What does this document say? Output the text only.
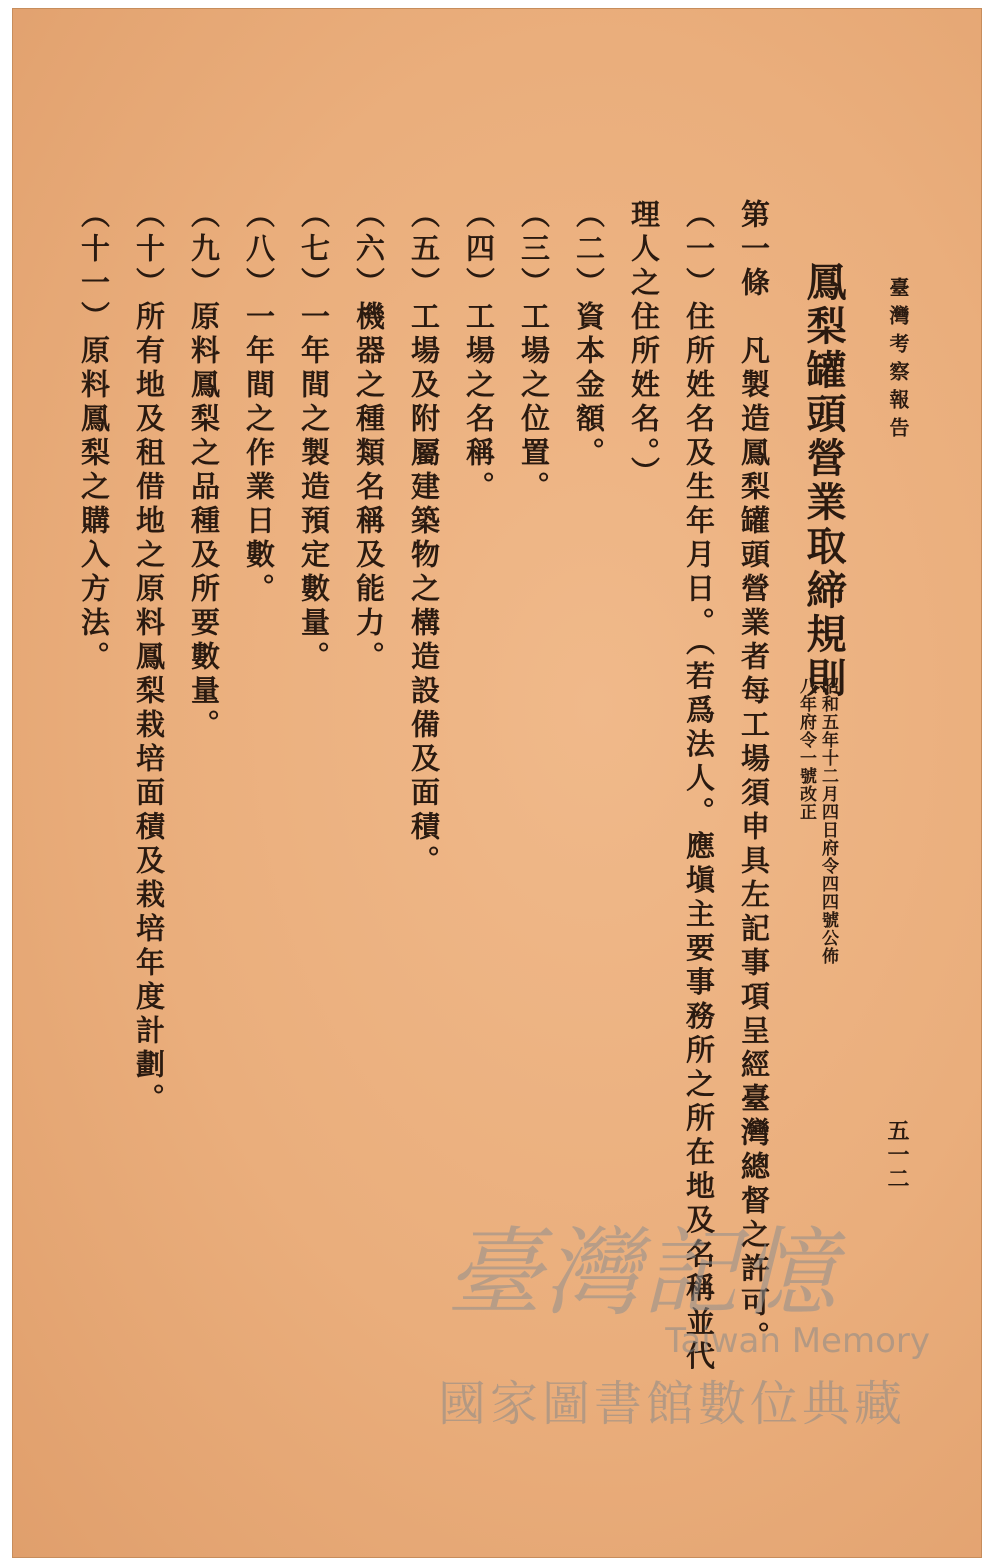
臺灣考察報告
五一二
鳳梨罐頭營業取締規則
昭和五年十二月四日府令四四號公佈
八年府令一號改正

第一條　凡製造鳳梨罐頭營業者每工場須申具左記事項呈經臺灣總督之許可。

（一）住所姓名及生年月日。（若爲法人。應塡主要事務所之所在地及名稱並代理人之住所姓名。）

（二）資本金額。

（三）工場之位置。

（四）工場之名稱。

（五）工場及附屬建築物之構造設備及面積。

（六）機器之種類名稱及能力。

（七）一年間之製造預定數量。

（八）一年間之作業日數。

（九）原料鳳梨之品種及所要數量。

（十）所有地及租借地之原料鳳梨栽培面積及栽培年度計劃。

（十一）原料鳳梨之購入方法。

臺灣記憶
Taiwan Memory
國家圖書館數位典藏
